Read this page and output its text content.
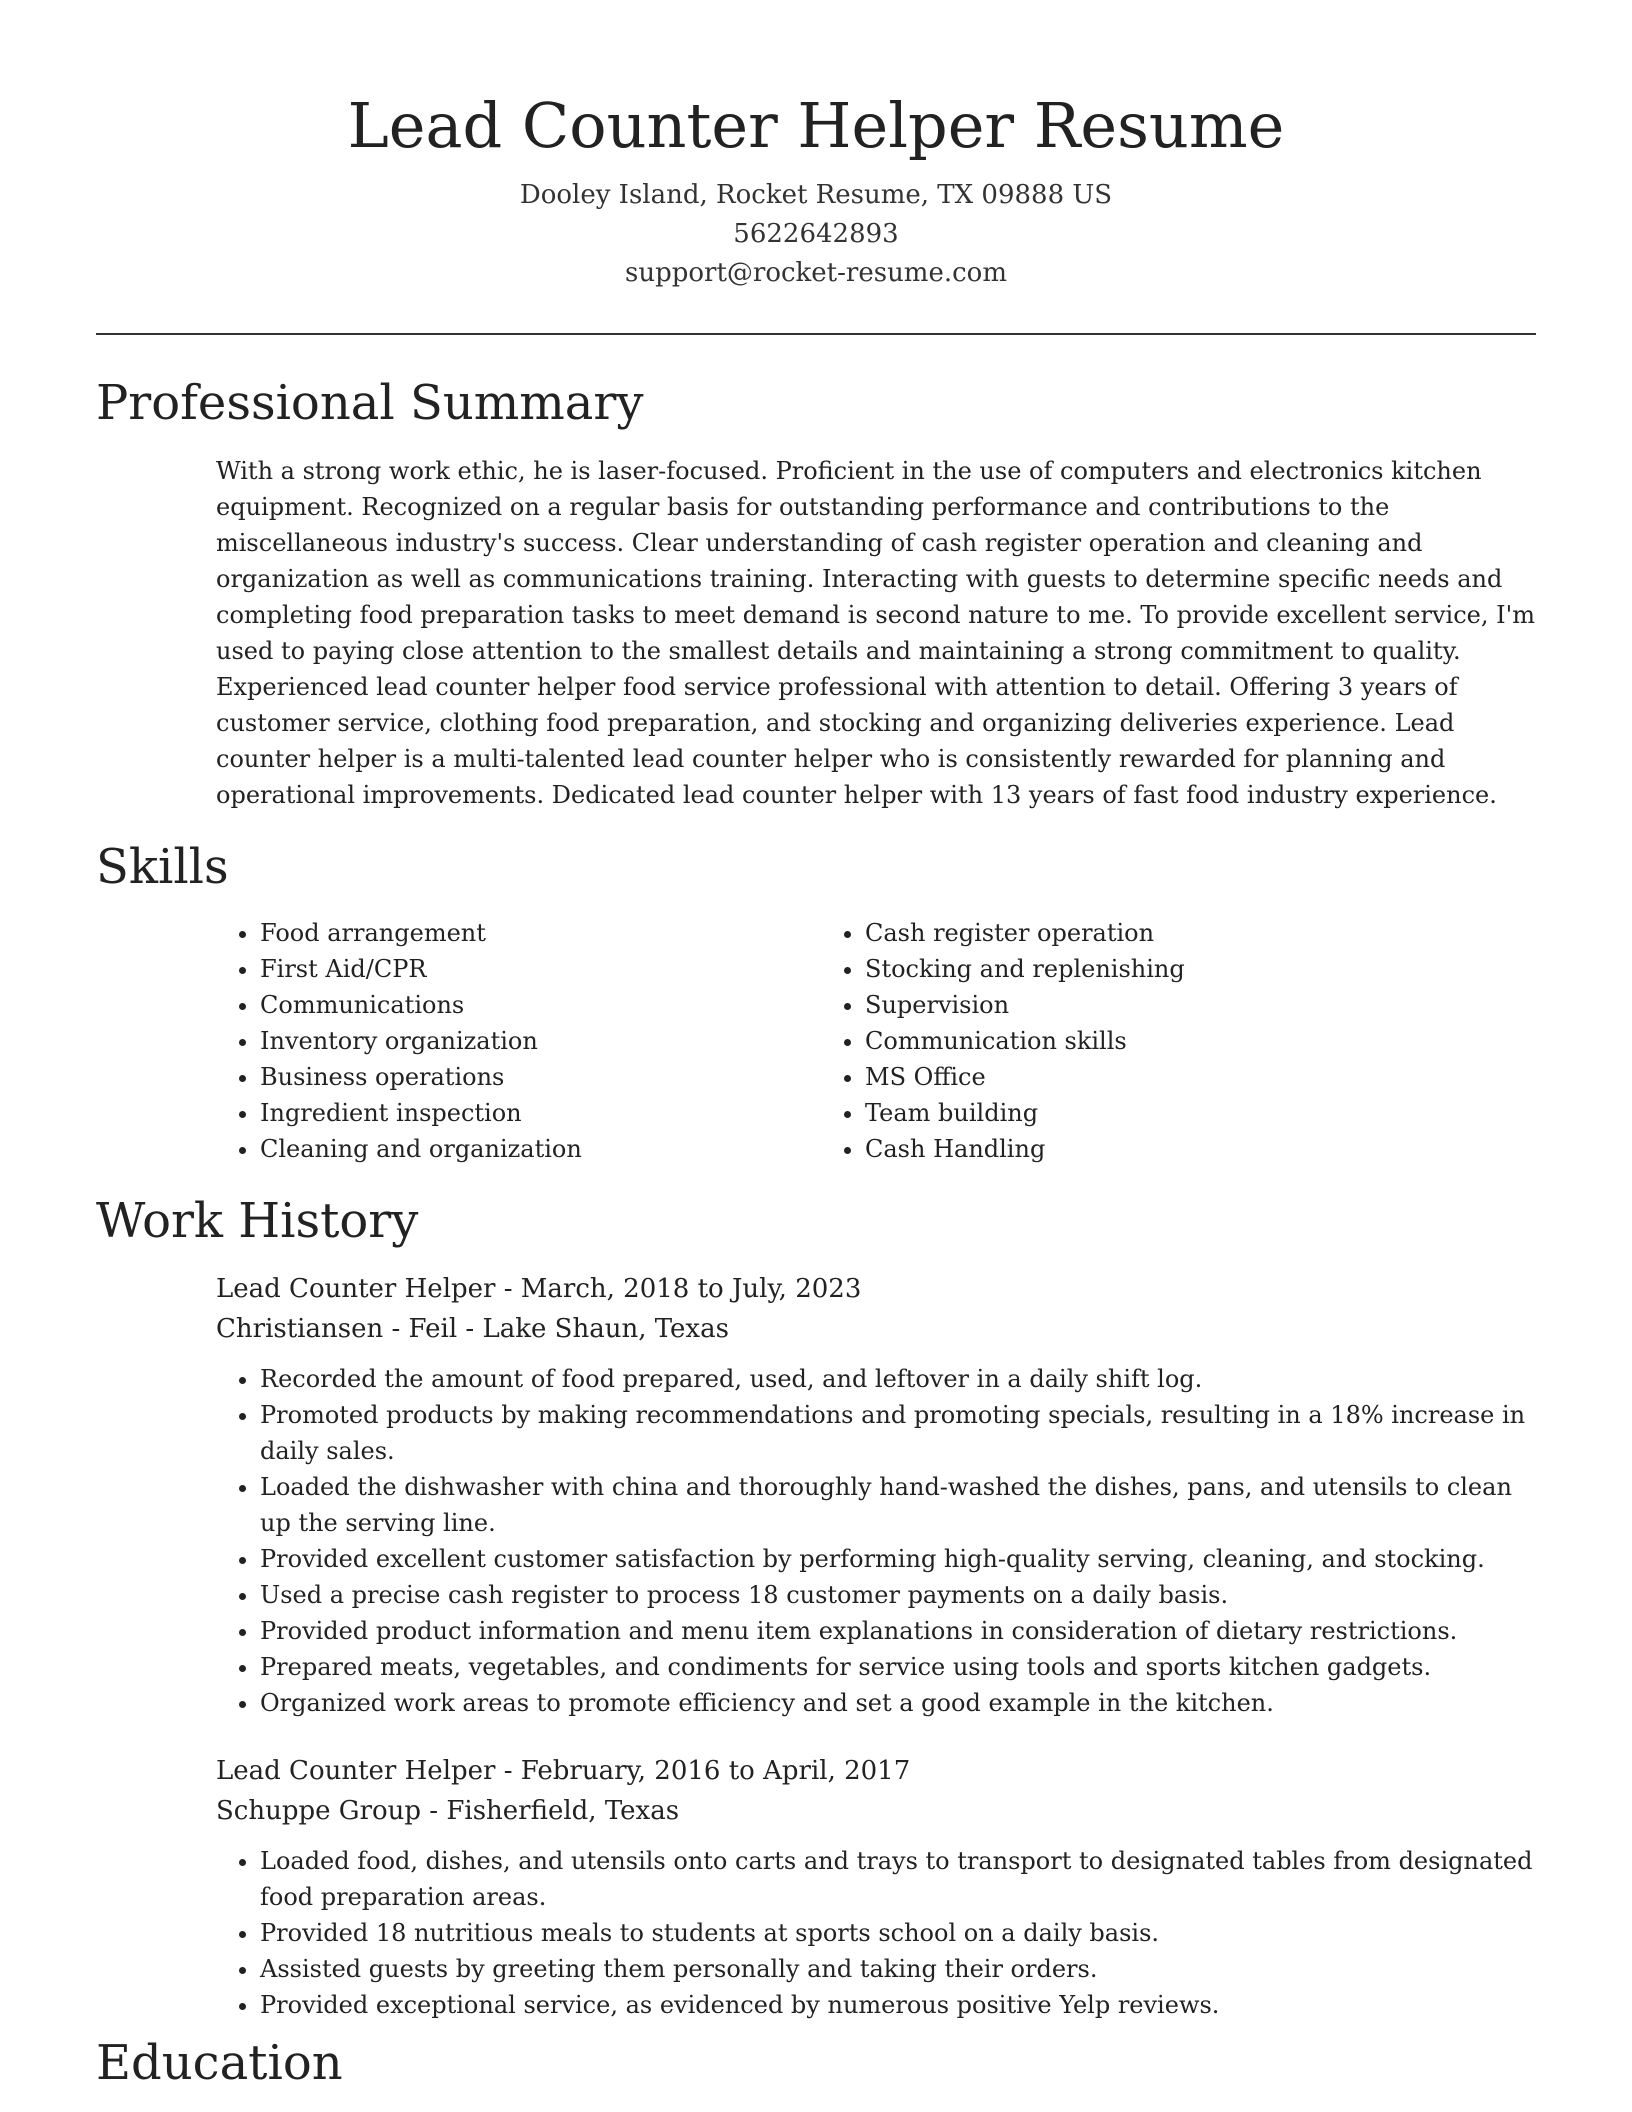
Lead Counter Helper Resume
Dooley Island, Rocket Resume, TX 09888 US
5622642893
support@rocket-resume.com
Professional Summary

With a strong work ethic, he is laser-focused. Proficient in the use of computers and electronics kitchen equipment. Recognized on a regular basis for outstanding performance and contributions to the miscellaneous industry's success. Clear understanding of cash register operation and cleaning and organization as well as communications training. Interacting with guests to determine specific needs and completing food preparation tasks to meet demand is second nature to me. To provide excellent service, I'm used to paying close attention to the smallest details and maintaining a strong commitment to quality. Experienced lead counter helper food service professional with attention to detail. Offering 3 years of customer service, clothing food preparation, and stocking and organizing deliveries experience. Lead counter helper is a multi-talented lead counter helper who is consistently rewarded for planning and operational improvements. Dedicated lead counter helper with 13 years of fast food industry experience.

Skills
• Food arrangement
• First Aid/CPR
• Communications
• Inventory organization
• Business operations
• Ingredient inspection
• Cleaning and organization
• Cash register operation
• Stocking and replenishing
• Supervision
• Communication skills
• MS Office
• Team building
• Cash Handling
Work History
Lead Counter Helper - March, 2018 to July, 2023
Christiansen - Feil - Lake Shaun, Texas
• Recorded the amount of food prepared, used, and leftover in a daily shift log.
• Promoted products by making recommendations and promoting specials, resulting in a 18% increase in daily sales.
• Loaded the dishwasher with china and thoroughly hand-washed the dishes, pans, and utensils to clean up the serving line.
• Provided excellent customer satisfaction by performing high-quality serving, cleaning, and stocking.
• Used a precise cash register to process 18 customer payments on a daily basis.
• Provided product information and menu item explanations in consideration of dietary restrictions.
• Prepared meats, vegetables, and condiments for service using tools and sports kitchen gadgets.
• Organized work areas to promote efficiency and set a good example in the kitchen.
Lead Counter Helper - February, 2016 to April, 2017
Schuppe Group - Fisherfield, Texas
• Loaded food, dishes, and utensils onto carts and trays to transport to designated tables from designated food preparation areas.
• Provided 18 nutritious meals to students at sports school on a daily basis.
• Assisted guests by greeting them personally and taking their orders.
• Provided exceptional service, as evidenced by numerous positive Yelp reviews.
Education
